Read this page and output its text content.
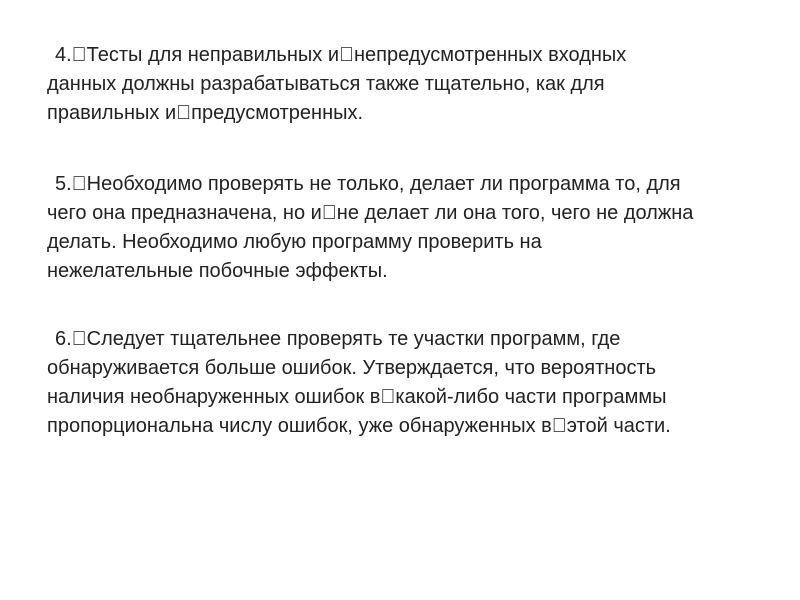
4. Тесты для неправильных и непредусмотренных входных
данных должны разрабатываться также тщательно, как для
правильных и предусмотренных.

5. Необходимо проверять не только, делает ли программа то, для
чего она предназначена, но и не делает ли она того, чего не должна
делать. Необходимо любую программу проверить на
нежелательные побочные эффекты.

6. Следует тщательнее проверять те участки программ, где
обнаруживается больше ошибок. Утверждается, что вероятность
наличия необнаруженных ошибок в какой-либо части программы
пропорциональна числу ошибок, уже обнаруженных в этой части.
